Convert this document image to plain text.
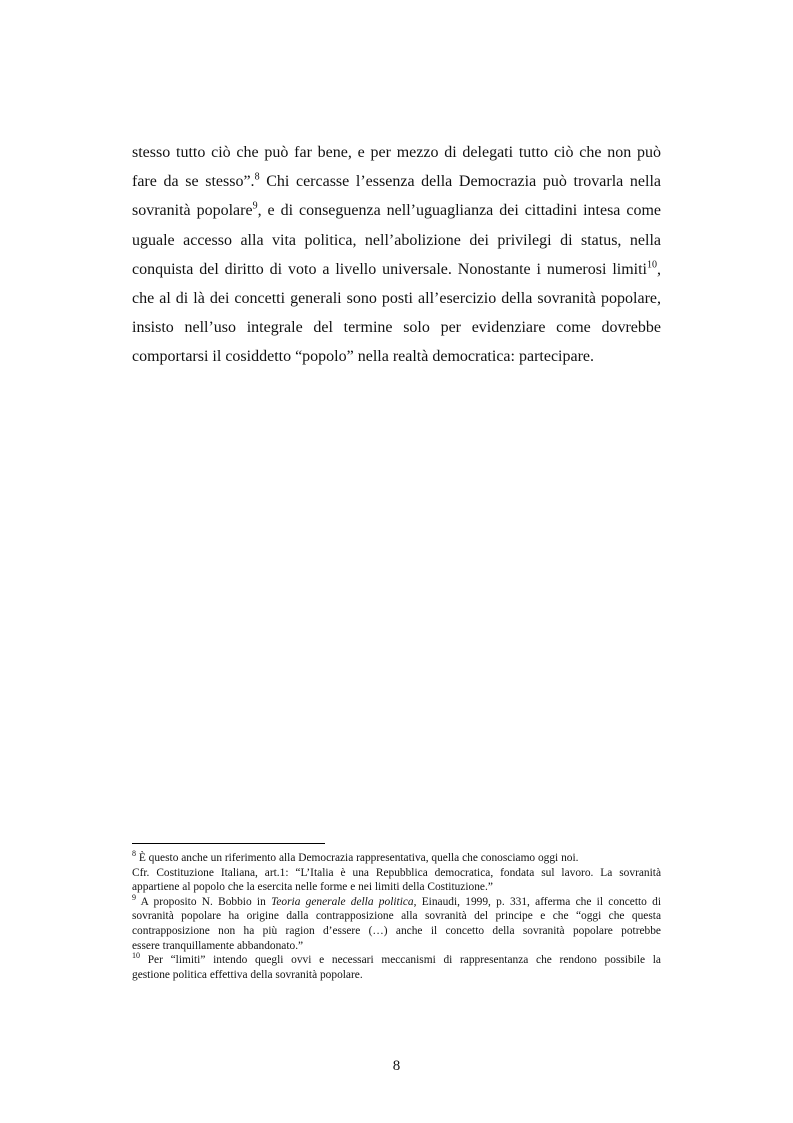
stesso tutto ciò che può far bene, e per mezzo di delegati tutto ciò che non può
fare da se stesso”.$^8$ Chi cercasse l’essenza della Democrazia può trovarla nella
sovranità popolare$^9$, e di conseguenza nell’uguaglianza dei cittadini intesa come
uguale accesso alla vita politica, nell’abolizione dei privilegi di status, nella
conquista del diritto di voto a livello universale. Nonostante i numerosi limiti$^{10}$,
che al di là dei concetti generali sono posti all’esercizio della sovranità popolare,
insisto nell’uso integrale del termine solo per evidenziare come dovrebbe
comportarsi il cosiddetto “popolo” nella realtà democratica: partecipare.
$^8$ È questo anche un riferimento alla Democrazia rappresentativa, quella che conosciamo oggi noi.
Cfr. Costituzione Italiana, art.1: “L’Italia è una Repubblica democratica, fondata sul lavoro. La sovranità
appartiene al popolo che la esercita nelle forme e nei limiti della Costituzione.”
$^9$ A proposito N. Bobbio in Teoria generale della politica, Einaudi, 1999, p. 331, afferma che il concetto di
sovranità popolare ha origine dalla contrapposizione alla sovranità del principe e che “oggi che questa
contrapposizione non ha più ragion d’essere (…) anche il concetto della sovranità popolare potrebbe
essere tranquillamente abbandonato.”
$^{10}$ Per “limiti” intendo quegli ovvi e necessari meccanismi di rappresentanza che rendono possibile la
gestione politica effettiva della sovranità popolare.
8
